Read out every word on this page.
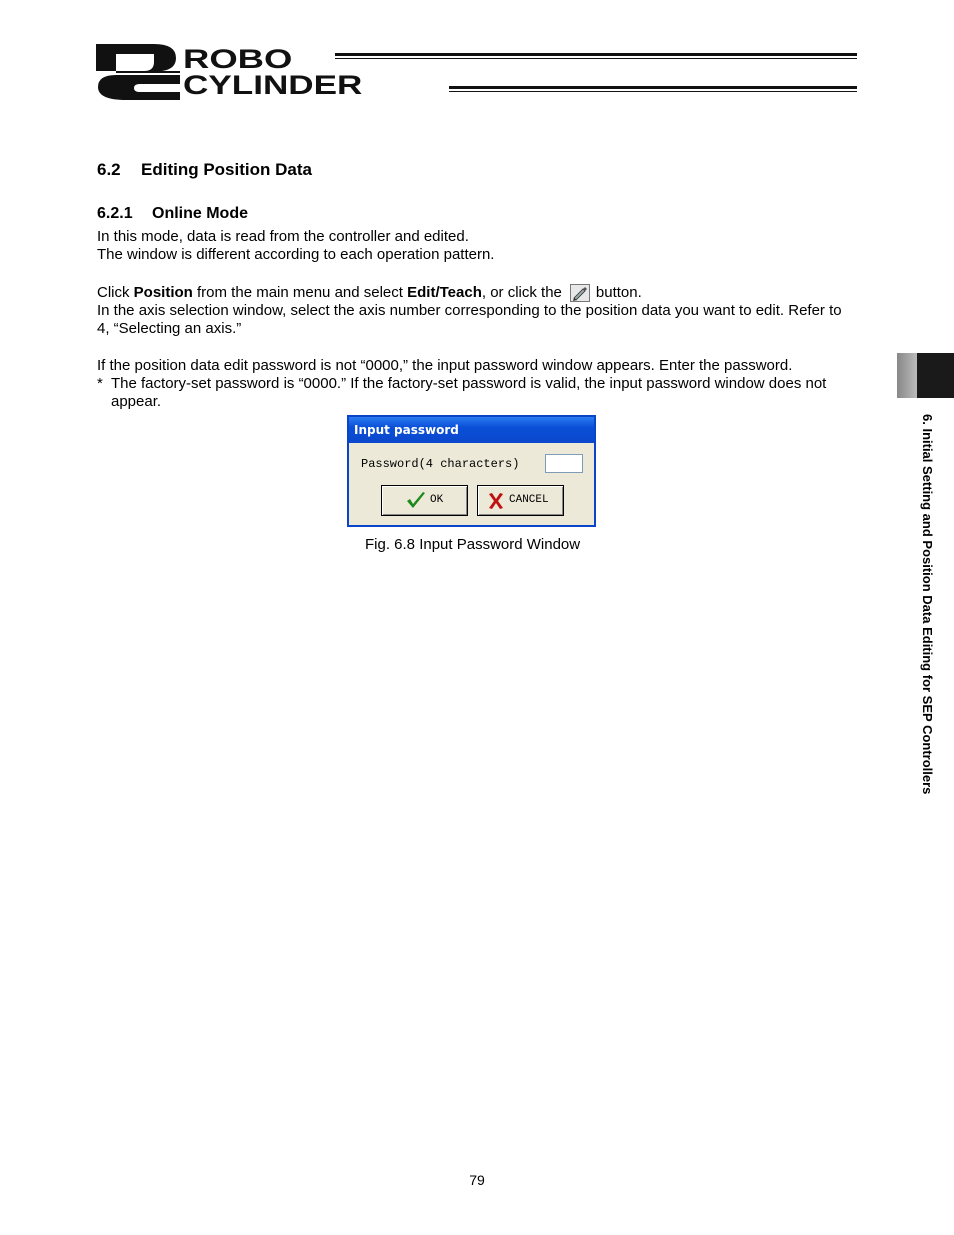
ROBO
CYLINDER
6.2 Editing Position Data
6.2.1 Online Mode
In this mode, data is read from the controller and edited.
The window is different according to each operation pattern.
Click Position from the main menu and select Edit/Teach, or click the button.
In the axis selection window, select the axis number corresponding to the position data you want to edit. Refer to 4, “Selecting an axis.”
If the position data edit password is not “0000,” the input password window appears. Enter the password.
* The factory-set password is “0000.” If the factory-set password is valid, the input password window does not appear.
Input password
Password(4 characters)
OK	CANCEL
Fig. 6.8 Input Password Window	6. Initial Setting and Position Data Editing for SEP Controllers
79
